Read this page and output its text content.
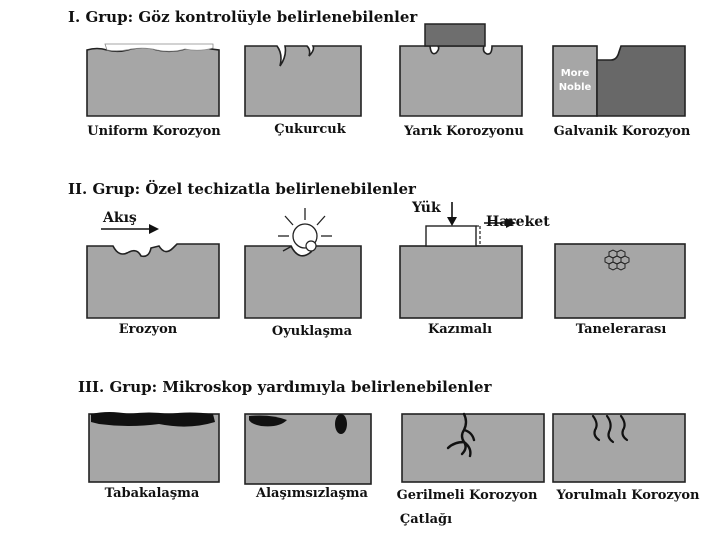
I. Grup: Göz kontrolüyle belirlenebilenler
II. Grup: Özel techizatla belirlenebilenler
III. Grup: Mikroskop yardımıyla belirlenebilenler
Uniform Korozyon	Çukurcuk	Yarık Korozyonu
More
Noble
Galvanik Korozyon
Akış
Erozyon	Oyuklaşma
Yük
Hareket
Kazımalı	Tanelerarası
Tabakalaşma	Alaşımsızlaşma Gerilmeli Korozyon
Çatlağı
Yorulmalı Korozyon
